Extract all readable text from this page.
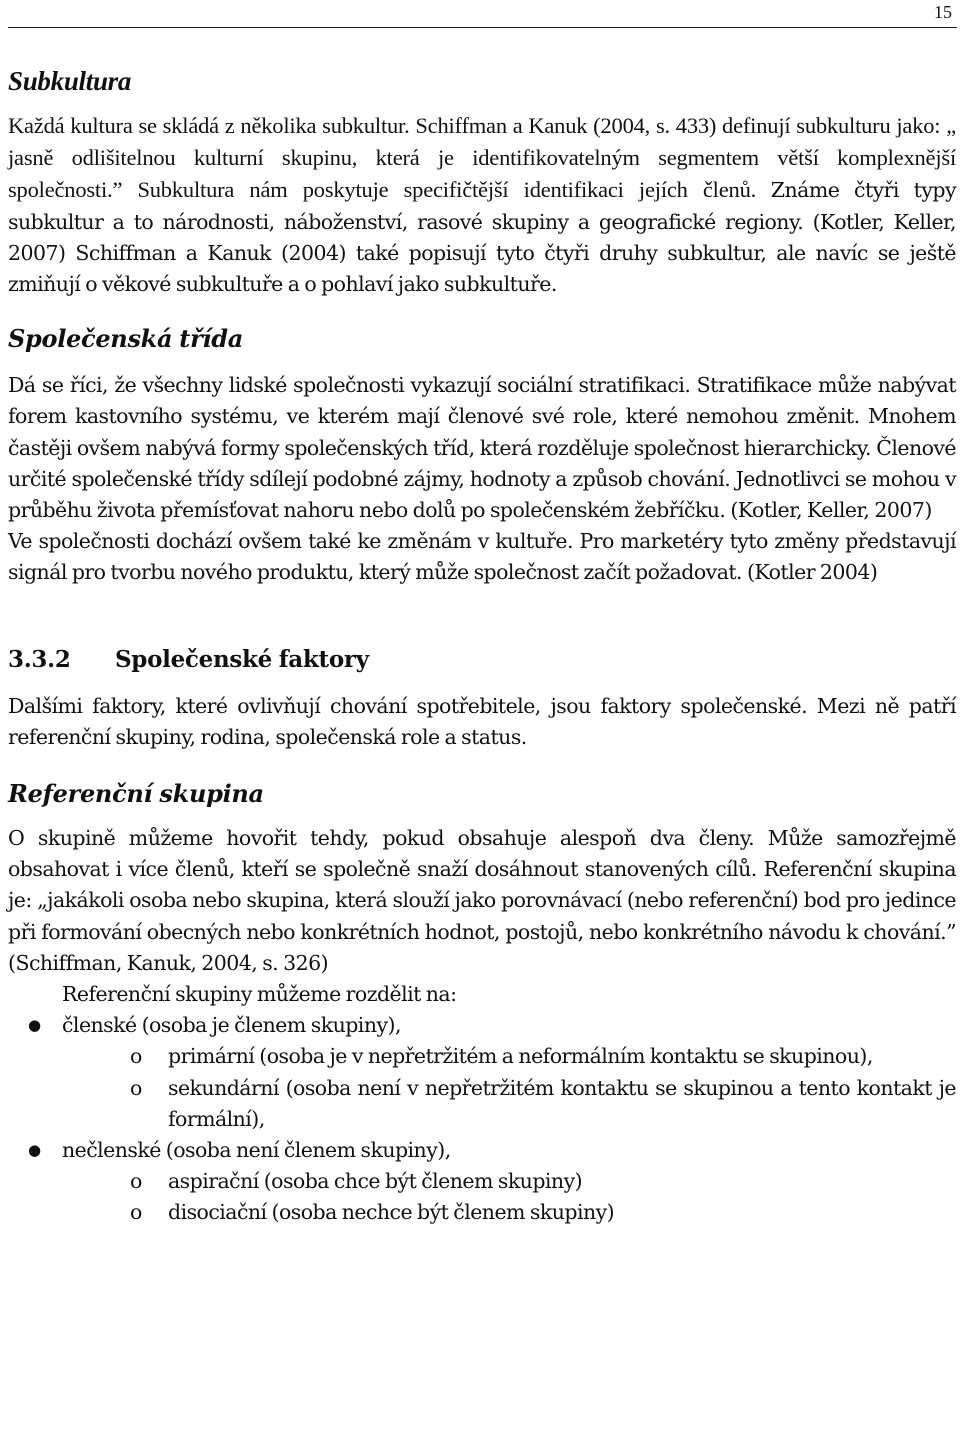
15
Subkultura

Každá kultura se skládá z několika subkultur. Schiffman a Kanuk (2004, s. 433) definují subkulturu jako: „ jasně odlišitelnou kulturní skupinu, která je identifikovatelným segmentem větší komplexnější společnosti.” Subkultura nám poskytuje specifičtější identifikaci jejích členů. Známe čtyři typy subkultur a to národnosti, náboženství, rasové skupiny a geografické regiony. (Kotler, Keller, 2007) Schiffman a Kanuk (2004) také popisují tyto čtyři druhy subkultur, ale navíc se ještě zmiňují o věkové subkultuře a o pohlaví jako subkultuře.

Společenská třída

Dá se říci, že všechny lidské společnosti vykazují sociální stratifikaci. Stratifikace může nabývat forem kastovního systému, ve kterém mají členové své role, které nemohou změnit. Mnohem častěji ovšem nabývá formy společenských tříd, která rozděluje společnost hierarchicky. Členové určité společenské třídy sdílejí podobné zájmy, hodnoty a způsob chování. Jednotlivci se mohou v průběhu života přemísťovat nahoru nebo dolů po společenském žebříčku. (Kotler, Keller, 2007)

Ve společnosti dochází ovšem také ke změnám v kultuře. Pro marketéry tyto změny představují signál pro tvorbu nového produktu, který může společnost začít požadovat. (Kotler 2004)

3.3.2 Společenské faktory

Dalšími faktory, které ovlivňují chování spotřebitele, jsou faktory společenské. Mezi ně patří referenční skupiny, rodina, společenská role a status.

Referenční skupina

O skupině můžeme hovořit tehdy, pokud obsahuje alespoň dva členy. Může samozřejmě obsahovat i více členů, kteří se společně snaží dosáhnout stanovených cílů. Referenční skupina je: „jakákoli osoba nebo skupina, která slouží jako porovnávací (nebo referenční) bod pro jedince při formování obecných nebo konkrétních hodnot, postojů, nebo konkrétního návodu k chování.” (Schiffman, Kanuk, 2004, s. 326)

Referenční skupiny můžeme rozdělit na:
● členské (osoba je členem skupiny),
o primární (osoba je v nepřetržitém a neformálním kontaktu se skupinou),
o sekundární (osoba není v nepřetržitém kontaktu se skupinou a tento kontakt je formální),
● nečlenské (osoba není členem skupiny),
o aspirační (osoba chce být členem skupiny)
o disociační (osoba nechce být členem skupiny)
